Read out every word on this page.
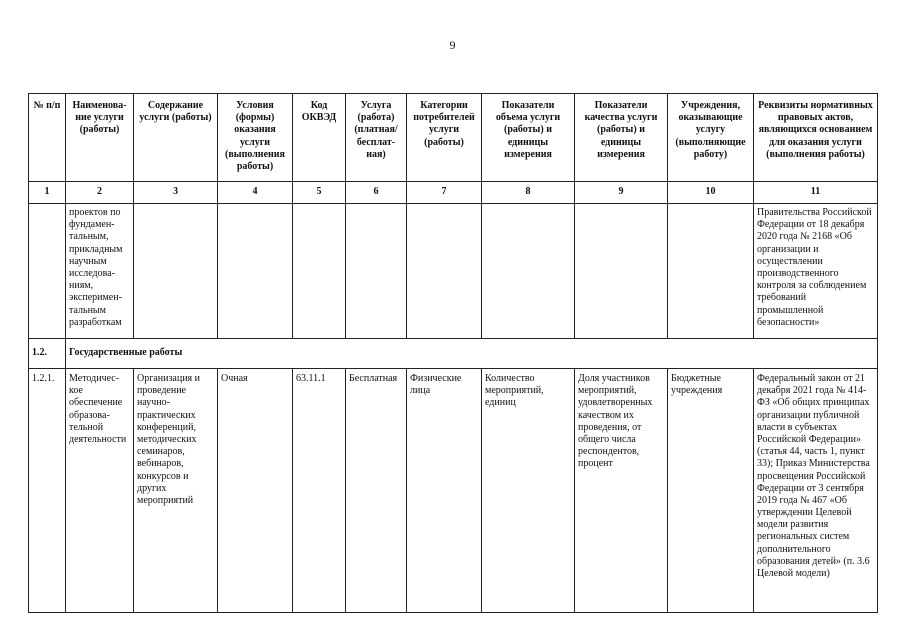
9
№ п/п	Наименова-ние услуги (работы)	Содержание услуги (работы)	Условия (формы) оказания услуги (выполнения работы)	Код ОКВЭД	Услуга (работа) (платная/ бесплат-ная)	Категории потребителей услуги (работы)	Показатели объема услуги (работы) и единицы измерения	Показатели качества услуги (работы) и единицы измерения	Учреждения, оказывающие услугу (выполняющие работу)	Реквизиты нормативных правовых актов, являющихся основанием для оказания услуги (выполнения работы)
1	2	3	4	5	6	7	8	9	10	11
	проектов по фундамен-тальным, прикладным научным исследова-ниям, эксперимен-тальным разработкам									Правительства Российской Федерации от 18 декабря 2020 года № 2168 «Об организации и осуществлении производственного контроля за соблюдением требований промышленной безопасности»
1.2.	Государственные работы									
1.2.1.	Методичес-кое обеспечение образова-тельной деятельности	Организация и проведение научно-практических конференций, методических семинаров, вебинаров, конкурсов и других мероприятий	Очная	63.11.1	Бесплатная	Физические лица	Количество мероприятий, единиц	Доля участников мероприятий, удовлетворенных качеством их проведения, от общего числа респондентов, процент	Бюджетные учреждения	Федеральный закон от 21 декабря 2021 года № 414-ФЗ «Об общих принципах организации публичной власти в субъектах Российской Федерации» (статья 44, часть 1, пункт 33); Приказ Министерства просвещения Российской Федерации от 3 сентября 2019 года № 467 «Об утверждении Целевой модели развития региональных систем дополнительного образования детей» (п. 3.6 Целевой модели)
